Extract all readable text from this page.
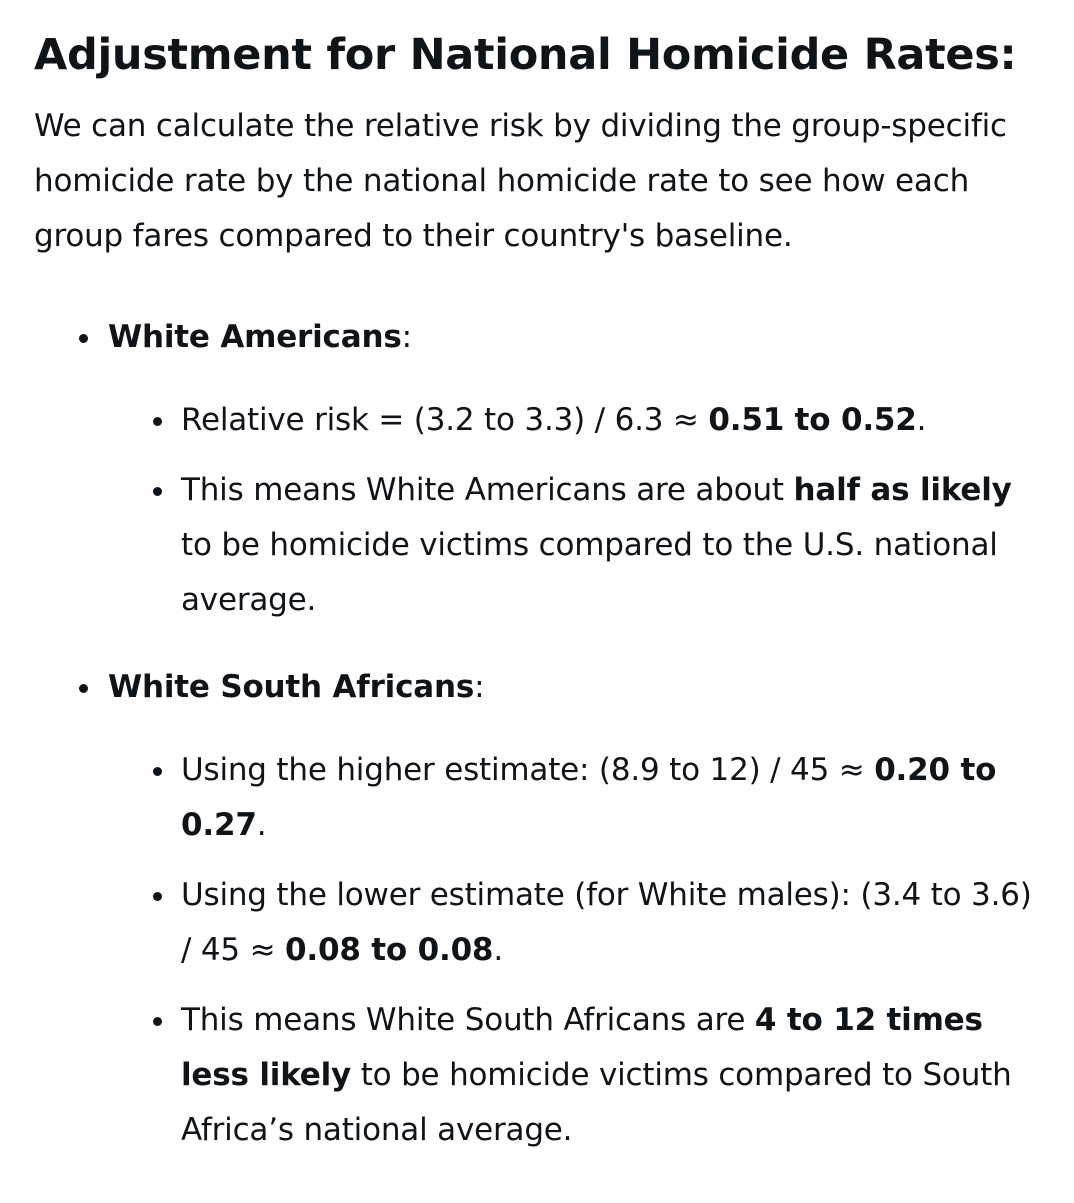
Adjustment for National Homicide Rates:

We can calculate the relative risk by dividing the group-specific homicide rate by the national homicide rate to see how each group fares compared to their country's baseline.

White Americans:
Relative risk = (3.2 to 3.3) / 6.3 ≈ 0.51 to 0.52.
This means White Americans are about half as likely to be homicide victims compared to the U.S. national average.
White South Africans:
Using the higher estimate: (8.9 to 12) / 45 ≈ 0.20 to 0.27.
Using the lower estimate (for White males): (3.4 to 3.6) / 45 ≈ 0.08 to 0.08.
This means White South Africans are 4 to 12 times less likely to be homicide victims compared to South Africa’s national average.
